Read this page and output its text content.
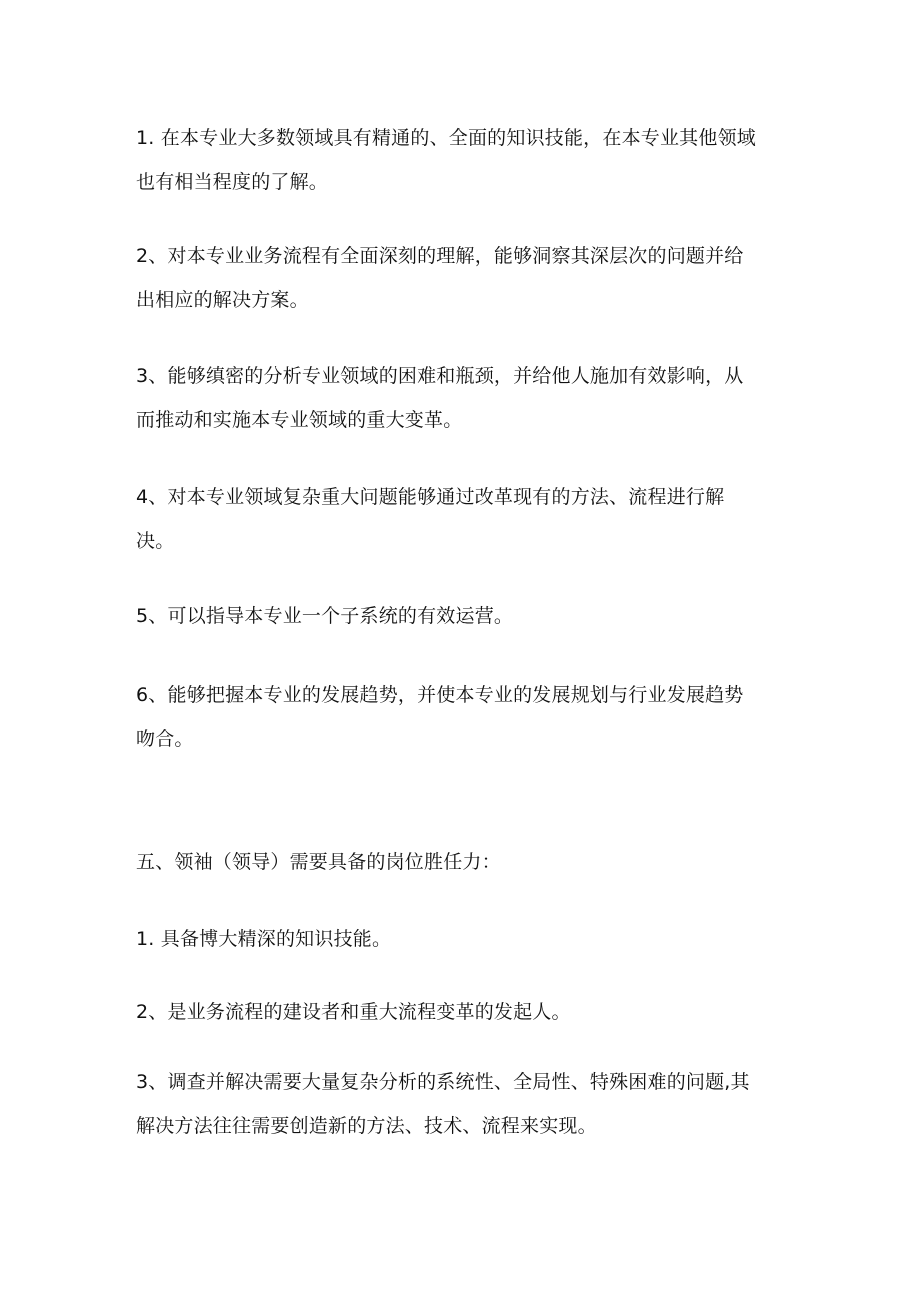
1. 在本专业大多数领域具有精通的、全面的知识技能，在本专业其他领域
也有相当程度的了解。

2、对本专业业务流程有全面深刻的理解，能够洞察其深层次的问题并给
出相应的解决方案。

3、能够缜密的分析专业领域的困难和瓶颈，并给他人施加有效影响，从
而推动和实施本专业领域的重大变革。

4、对本专业领域复杂重大问题能够通过改革现有的方法、流程进行解
决。

5、可以指导本专业一个子系统的有效运营。

6、能够把握本专业的发展趋势，并使本专业的发展规划与行业发展趋势
吻合。

五、领袖（领导）需要具备的岗位胜任力：

1. 具备博大精深的知识技能。

2、是业务流程的建设者和重大流程变革的发起人。

3、调查并解决需要大量复杂分析的系统性、全局性、特殊困难的问题,其
解决方法往往需要创造新的方法、技术、流程来实现。
